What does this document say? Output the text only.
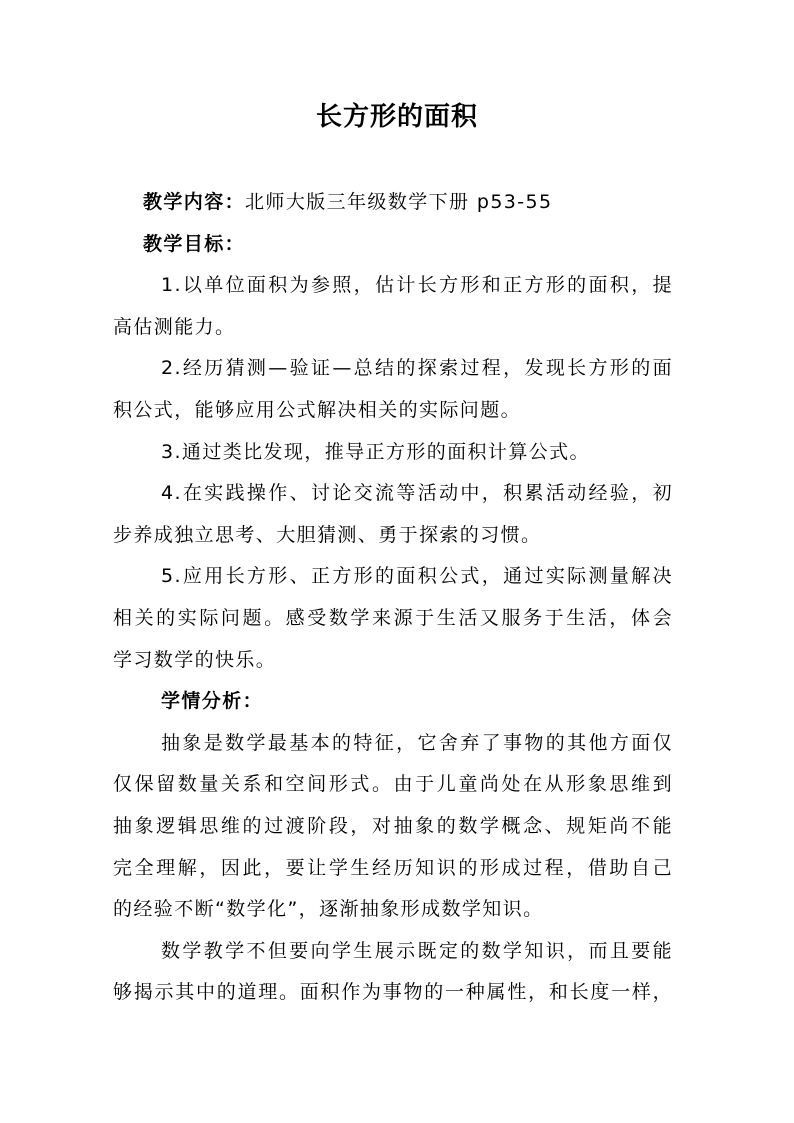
长方形的面积
教学内容：北师大版三年级数学下册 p53-55
教学目标：
1.以单位面积为参照，估计长方形和正方形的面积，提
高估测能力。
2.经历猜测—验证—总结的探索过程，发现长方形的面
积公式，能够应用公式解决相关的实际问题。
3.通过类比发现，推导正方形的面积计算公式。
4.在实践操作、讨论交流等活动中，积累活动经验，初
步养成独立思考、大胆猜测、勇于探索的习惯。
5.应用长方形、正方形的面积公式，通过实际测量解决
相关的实际问题。感受数学来源于生活又服务于生活，体会
学习数学的快乐。
学情分析：
抽象是数学最基本的特征，它舍弃了事物的其他方面仅
仅保留数量关系和空间形式。由于儿童尚处在从形象思维到
抽象逻辑思维的过渡阶段，对抽象的数学概念、规矩尚不能
完全理解，因此，要让学生经历知识的形成过程，借助自己
的经验不断“数学化”，逐渐抽象形成数学知识。
数学教学不但要向学生展示既定的数学知识，而且要能
够揭示其中的道理。面积作为事物的一种属性，和长度一样，
